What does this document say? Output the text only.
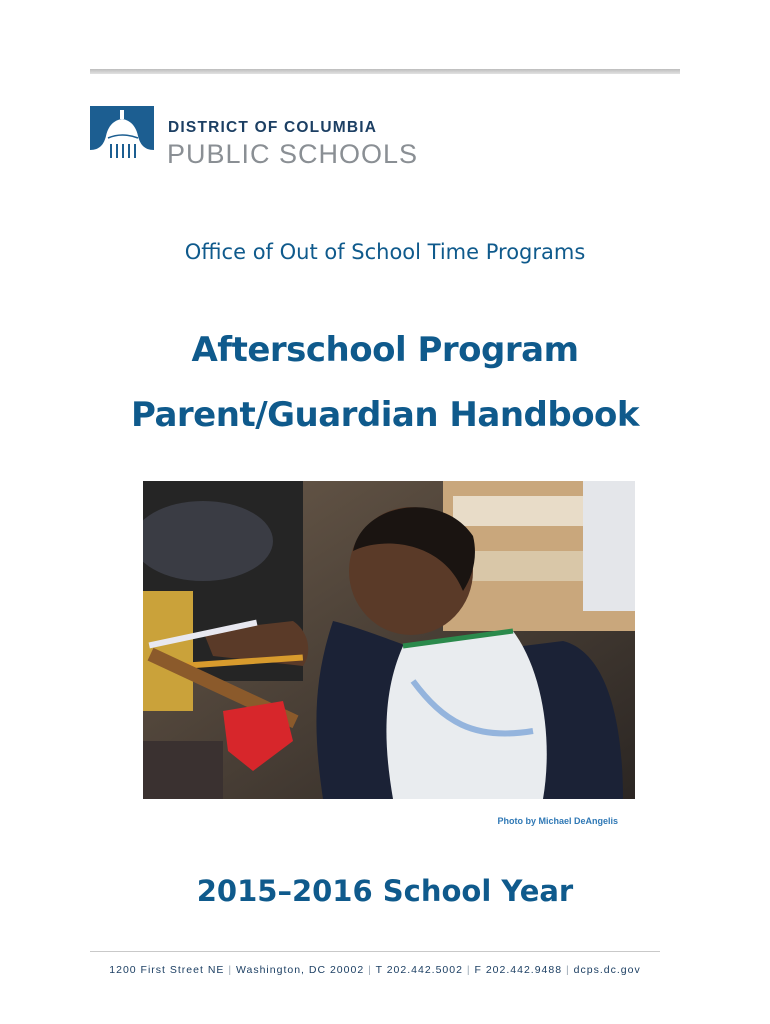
DISTRICT OF COLUMBIA
PUBLIC SCHOOLS
Office of Out of School Time Programs
Afterschool Program
Parent/Guardian Handbook
Photo by Michael DeAngelis
2015–2016 School Year
1200 First Street NE | Washington, DC 20002 | T 202.442.5002 | F 202.442.9488 | dcps.dc.gov
